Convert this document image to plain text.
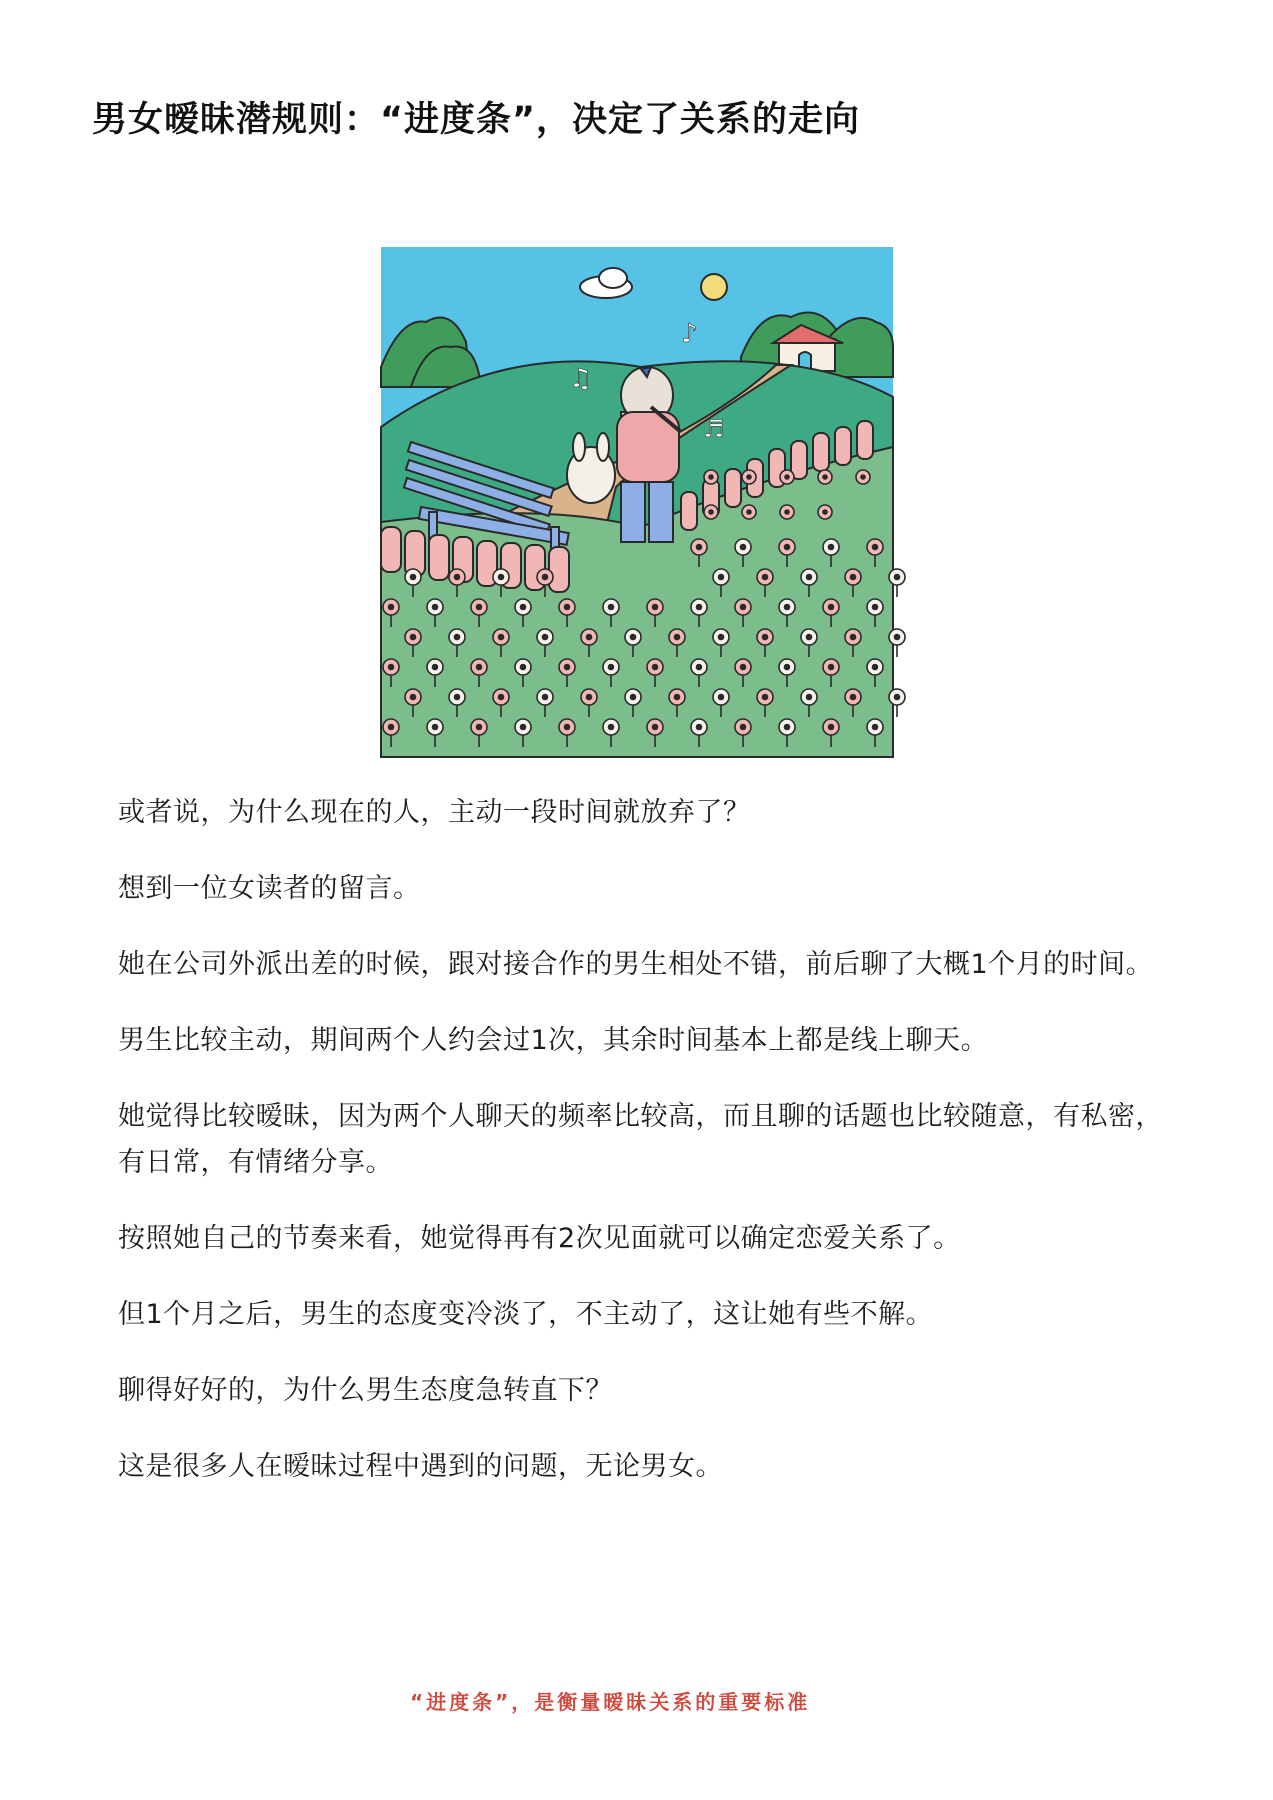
男女暧昧潜规则：“进度条”，决定了关系的走向
♫
♪
♬

或者说，为什么现在的人，主动一段时间就放弃了？

想到一位女读者的留言。

她在公司外派出差的时候，跟对接合作的男生相处不错，前后聊了大概1个月的时间。

男生比较主动，期间两个人约会过1次，其余时间基本上都是线上聊天。

她觉得比较暧昧，因为两个人聊天的频率比较高，而且聊的话题也比较随意，有私密，有日常，有情绪分享。

按照她自己的节奏来看，她觉得再有2次见面就可以确定恋爱关系了。

但1个月之后，男生的态度变冷淡了，不主动了，这让她有些不解。

聊得好好的，为什么男生态度急转直下？

这是很多人在暧昧过程中遇到的问题，无论男女。

“进度条”，是衡量暧昧关系的重要标准
